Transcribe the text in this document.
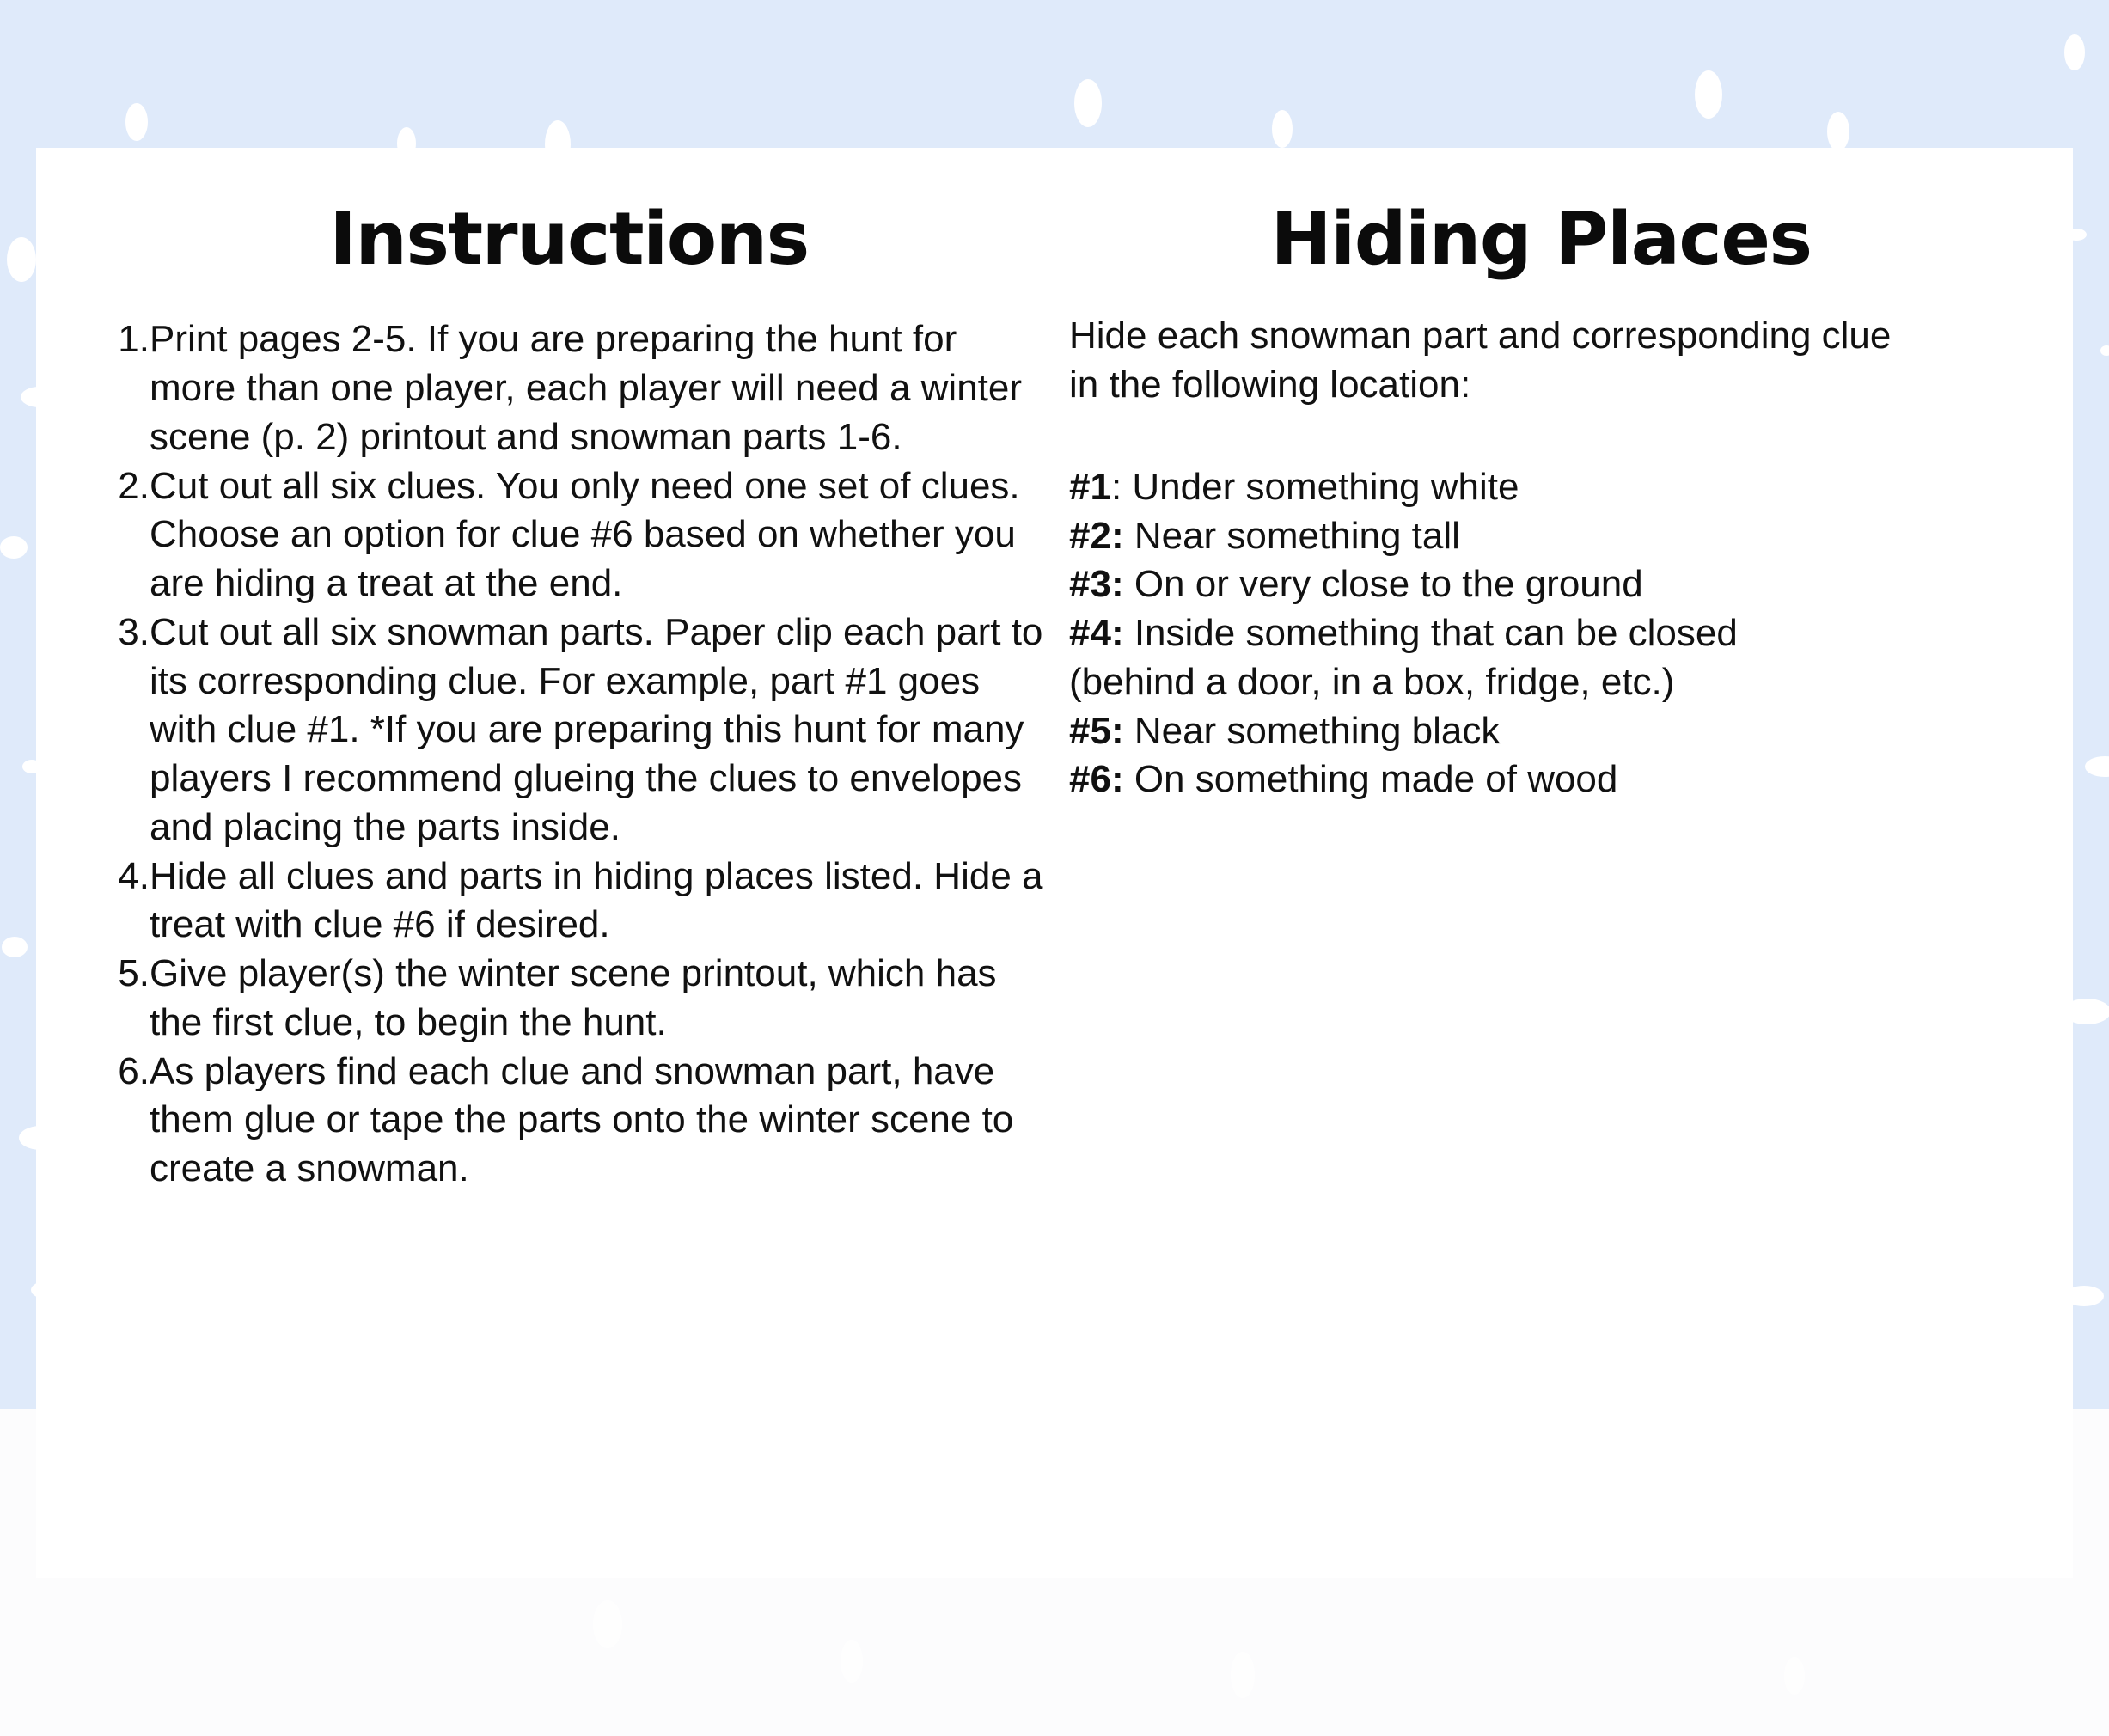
Instructions
1. Print pages 2-5. If you are preparing the hunt for more than one player, each player will need a winter scene (p. 2) printout and snowman parts 1-6.
2. Cut out all six clues. You only need one set of clues. Choose an option for clue #6 based on whether you are hiding a treat at the end.
3. Cut out all six snowman parts. Paper clip each part to its corresponding clue. For example, part #1 goes with clue #1. *If you are preparing this hunt for many players I recommend glueing the clues to envelopes and placing the parts inside.
4. Hide all clues and parts in hiding places listed. Hide a treat with clue #6 if desired.
5. Give player(s) the winter scene printout, which has the first clue, to begin the hunt.
6. As players find each clue and snowman part, have them glue or tape the parts onto the winter scene to create a snowman.
Hiding Places

Hide each snowman part and corresponding clue in the following location:

#1: Under something white
#2: Near something tall
#3: On or very close to the ground
#4: Inside something that can be closed
(behind a door, in a box, fridge, etc.)
#5: Near something black
#6: On something made of wood
